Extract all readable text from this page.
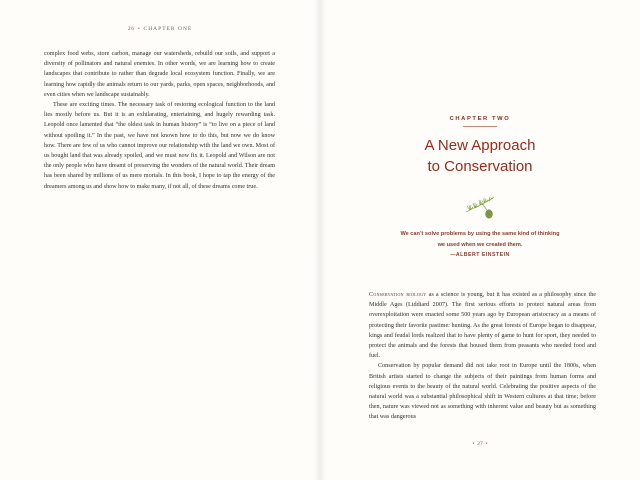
26 • CHAPTER ONE

complex food webs, store carbon, manage our watersheds, rebuild our soils, and support a diversity of pollinators and natural enemies. In other words, we are learning how to create landscapes that contribute to rather than degrade local ecosystem function. Finally, we are learning how rapidly the animals return to our yards, parks, open spaces, neighborhoods, and even cities when we landscape sustainably.

These are exciting times. The necessary task of restoring ecological function to the land lies mostly before us. But it is an exhilarating, entertaining, and hugely rewarding task. Leopold once lamented that “the oldest task in human history” is “to live on a piece of land without spoiling it.” In the past, we have not known how to do this, but now we do know how. There are few of us who cannot improve our relationship with the land we own. Most of us bought land that was already spoiled, and we must now fix it. Leopold and Wilson are not the only people who have dreamt of preserving the wonders of the natural world. Their dream has been shared by millions of us mere mortals. In this book, I hope to tap the energy of the dreamers among us and show how to make many, if not all, of these dreams come true.

CHAPTER TWO
A New Approach
to Conservation
We can’t solve problems by using the same kind of thinking
we used when we created them.
—ALBERT EINSTEIN

Conservation biology as a science is young, but it has existed as a philosophy since the Middle Ages (Liddiard 2007). The first serious efforts to protect natural areas from overexploitation were enacted some 500 years ago by European aristocracy as a means of protecting their favorite pastime: hunting. As the great forests of Europe began to disappear, kings and feudal lords realized that to have plenty of game to hunt for sport, they needed to protect the animals and the forests that housed them from peasants who needed food and fuel.

Conservation by popular demand did not take root in Europe until the 1800s, when British artists started to change the subjects of their paintings from human forms and religious events to the beauty of the natural world. Celebrating the positive aspects of the natural world was a substantial philosophical shift in Western cultures at that time; before then, nature was viewed not as something with inherent value and beauty but as something that was dangerous

• 27 •
